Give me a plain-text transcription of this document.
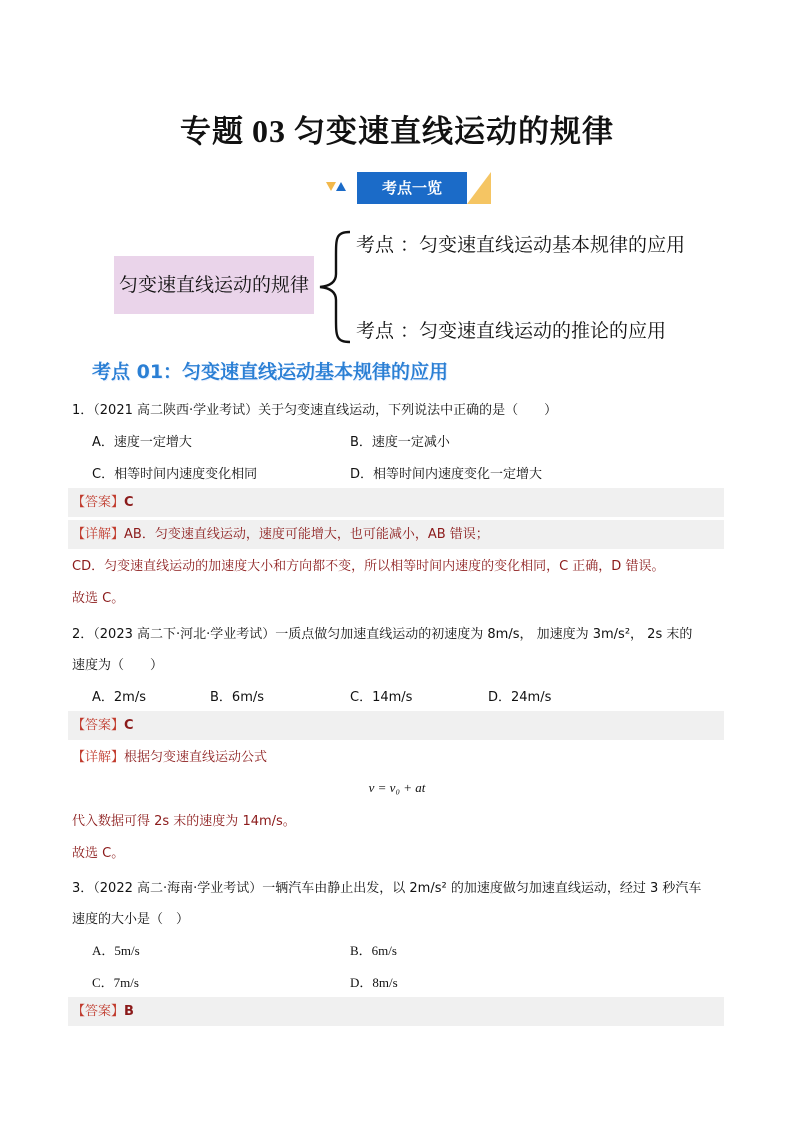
专题 03 匀变速直线运动的规律
考点一览
匀变速直线运动的规律
考点 ：匀变速直线运动基本规律的应用
考点 ：匀变速直线运动的推论的应用
考点 01：匀变速直线运动基本规律的应用
1．（2021 高二陕西·学业考试）关于匀变速直线运动，下列说法中正确的是（　　）
A．速度一定增大	B．速度一定减小
C．相等时间内速度变化相同	D．相等时间内速度变化一定增大
【答案】C
【详解】AB．匀变速直线运动，速度可能增大，也可能减小，AB 错误；
CD．匀变速直线运动的加速度大小和方向都不变，所以相等时间内速度的变化相同，C 正确，D 错误。
故选 C。
2．（2023 高二下·河北·学业考试）一质点做匀加速直线运动的初速度为 8m/s， 加速度为 3m/s²， 2s 末的
速度为（　　）
A．2m/s	B．6m/s	C．14m/s	D．24m/s
【答案】C
【详解】根据匀变速直线运动公式
v = v₀ + at
代入数据可得 2s 末的速度为 14m/s。
故选 C。
3．（2022 高二·海南·学业考试）一辆汽车由静止出发，以 2m/s² 的加速度做匀加速直线运动，经过 3 秒汽车
速度的大小是（　）
A．5m/s	B．6m/s
C．7m/s	D．8m/s
【答案】B
